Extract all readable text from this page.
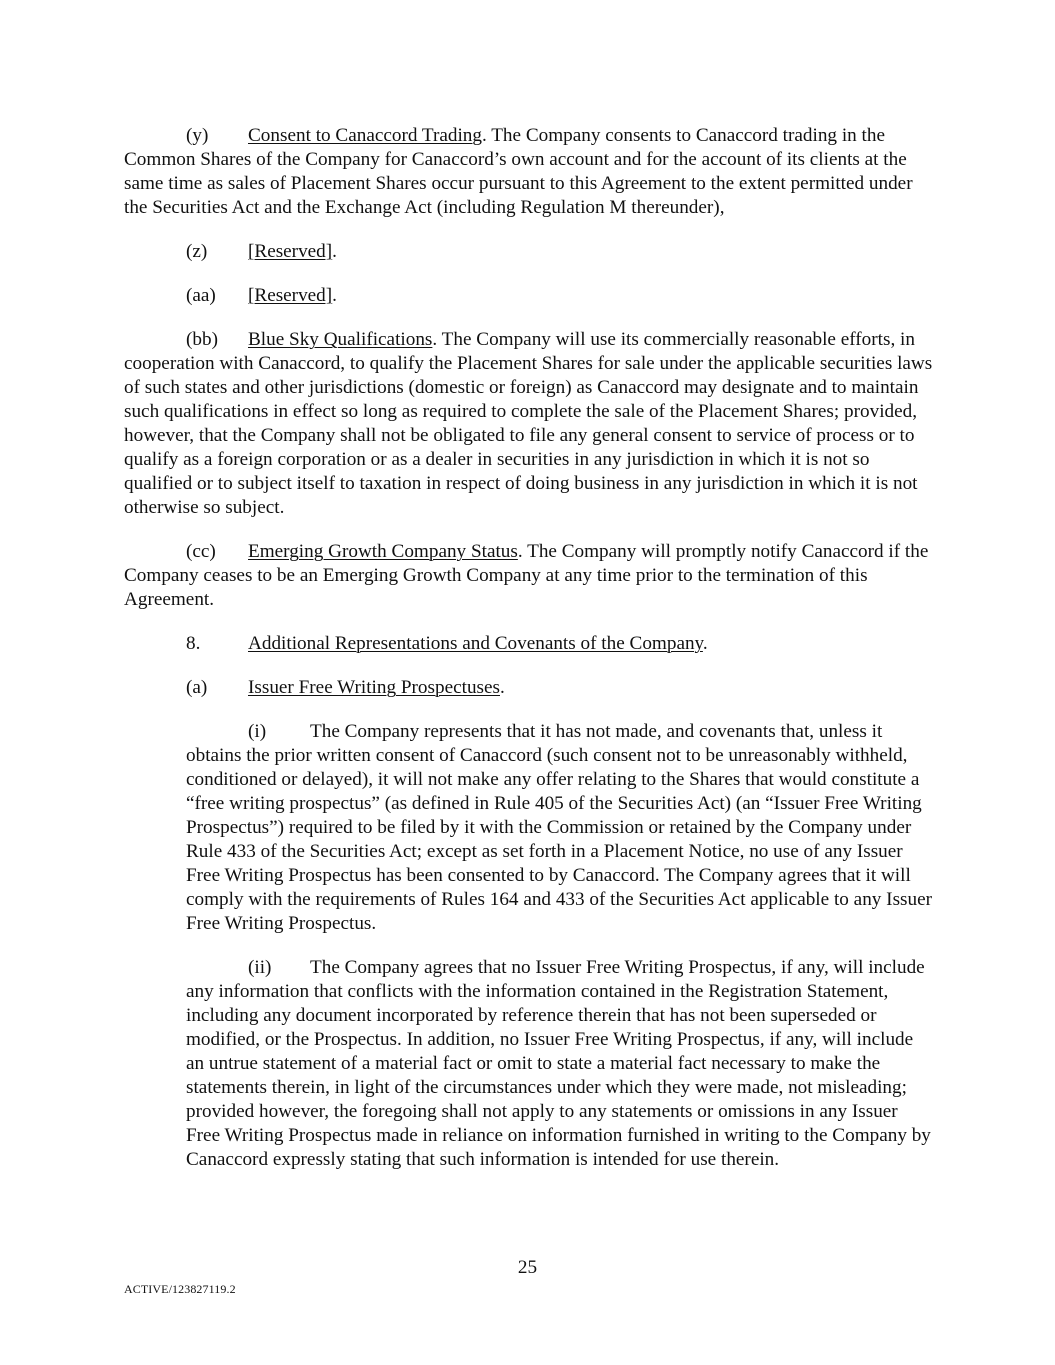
(y) Consent to Canaccord Trading. The Company consents to Canaccord trading in the Common Shares of the Company for Canaccord’s own account and for the account of its clients at the same time as sales of Placement Shares occur pursuant to this Agreement to the extent permitted under the Securities Act and the Exchange Act (including Regulation M thereunder),

(z) [Reserved].

(aa) [Reserved].

(bb) Blue Sky Qualifications. The Company will use its commercially reasonable efforts, in cooperation with Canaccord, to qualify the Placement Shares for sale under the applicable securities laws of such states and other jurisdictions (domestic or foreign) as Canaccord may designate and to maintain such qualifications in effect so long as required to complete the sale of the Placement Shares; provided, however, that the Company shall not be obligated to file any general consent to service of process or to qualify as a foreign corporation or as a dealer in securities in any jurisdiction in which it is not so qualified or to subject itself to taxation in respect of doing business in any jurisdiction in which it is not otherwise so subject.

(cc) Emerging Growth Company Status. The Company will promptly notify Canaccord if the Company ceases to be an Emerging Growth Company at any time prior to the termination of this Agreement.

8. Additional Representations and Covenants of the Company.

(a) Issuer Free Writing Prospectuses.

(i) The Company represents that it has not made, and covenants that, unless it obtains the prior written consent of Canaccord (such consent not to be unreasonably withheld, conditioned or delayed), it will not make any offer relating to the Shares that would constitute a “free writing prospectus” (as defined in Rule 405 of the Securities Act) (an “Issuer Free Writing Prospectus”) required to be filed by it with the Commission or retained by the Company under Rule 433 of the Securities Act; except as set forth in a Placement Notice, no use of any Issuer Free Writing Prospectus has been consented to by Canaccord. The Company agrees that it will comply with the requirements of Rules 164 and 433 of the Securities Act applicable to any Issuer Free Writing Prospectus.

(ii) The Company agrees that no Issuer Free Writing Prospectus, if any, will include any information that conflicts with the information contained in the Registration Statement, including any document incorporated by reference therein that has not been superseded or modified, or the Prospectus. In addition, no Issuer Free Writing Prospectus, if any, will include an untrue statement of a material fact or omit to state a material fact necessary to make the statements therein, in light of the circumstances under which they were made, not misleading; provided however, the foregoing shall not apply to any statements or omissions in any Issuer Free Writing Prospectus made in reliance on information furnished in writing to the Company by Canaccord expressly stating that such information is intended for use therein.

25
ACTIVE/123827119.2
